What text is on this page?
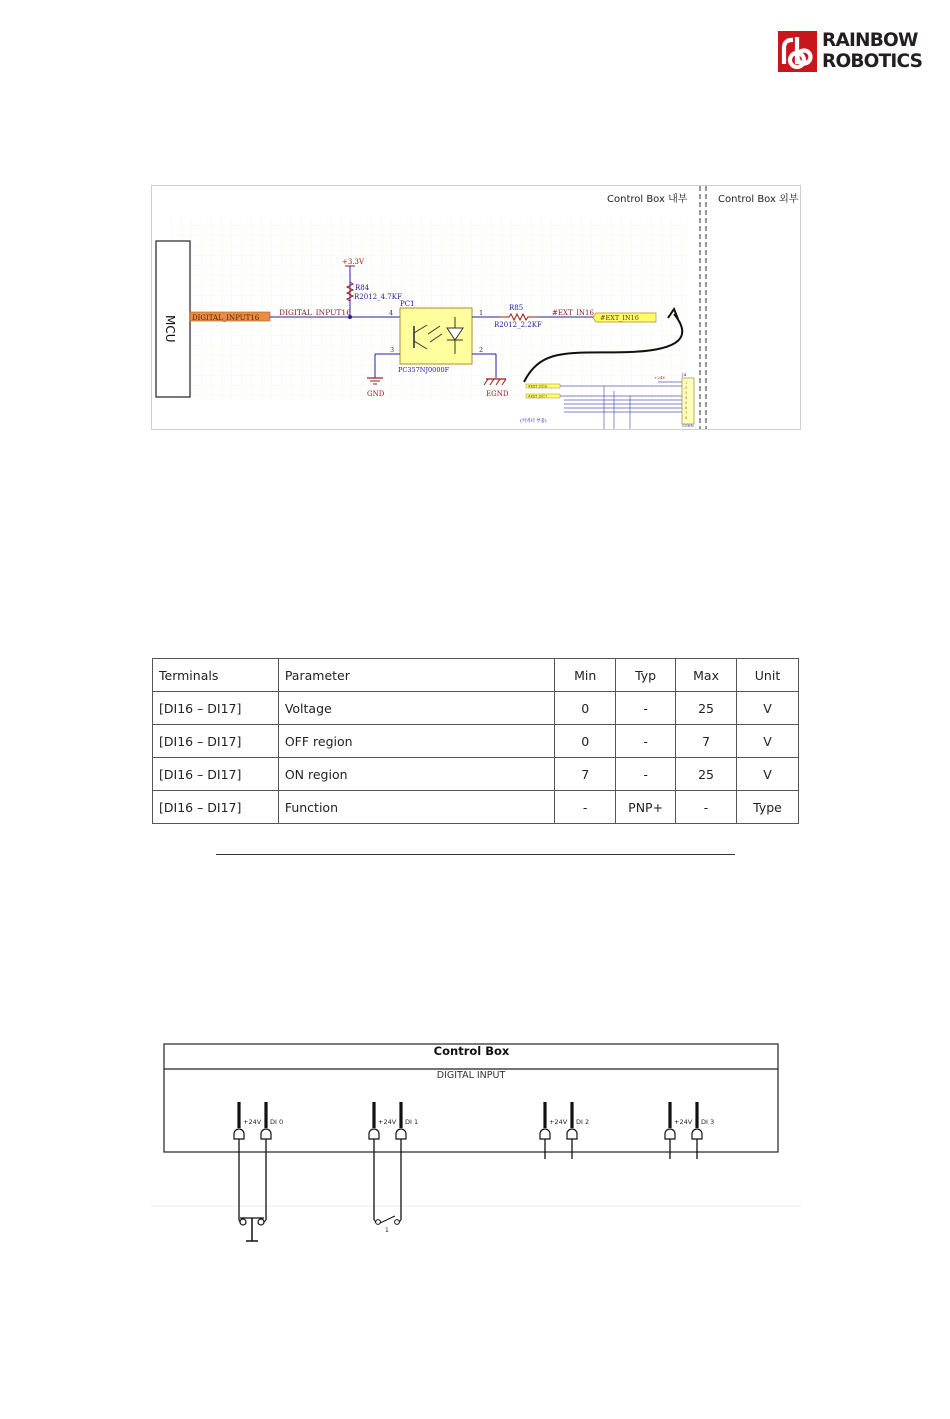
RAINBOW
ROBOTICS
1
2
3
4
5
6
7
8
MCU DIGITAL_INPUT16
DIGITAL_INPUT16
+3.3V
R84
R2012_4.7KF
PC1
PC357NJ0000F
4	1
3	2
GND	EGND
R85
R2012_2.2KF
#EXT_IN16
#EXT_IN16
+24V
J4
#EXT_IN16
#EXT_IN17
(커넥터 부품)
CONN
Control Box 내부	Control Box 외부
Terminals	Parameter	Min	Typ	Max	Unit
[DI16 – DI17]	Voltage	0	-	25	V
[DI16 – DI17]	OFF region	0	-	7	V
[DI16 – DI17]	ON region	7	-	25	V
[DI16 – DI17]	Function	-	PNP+	-	Type
+24V DI 0	+24V DI 1	+24V DI 2	+24V DI 3
1
Control Box
DIGITAL INPUT
